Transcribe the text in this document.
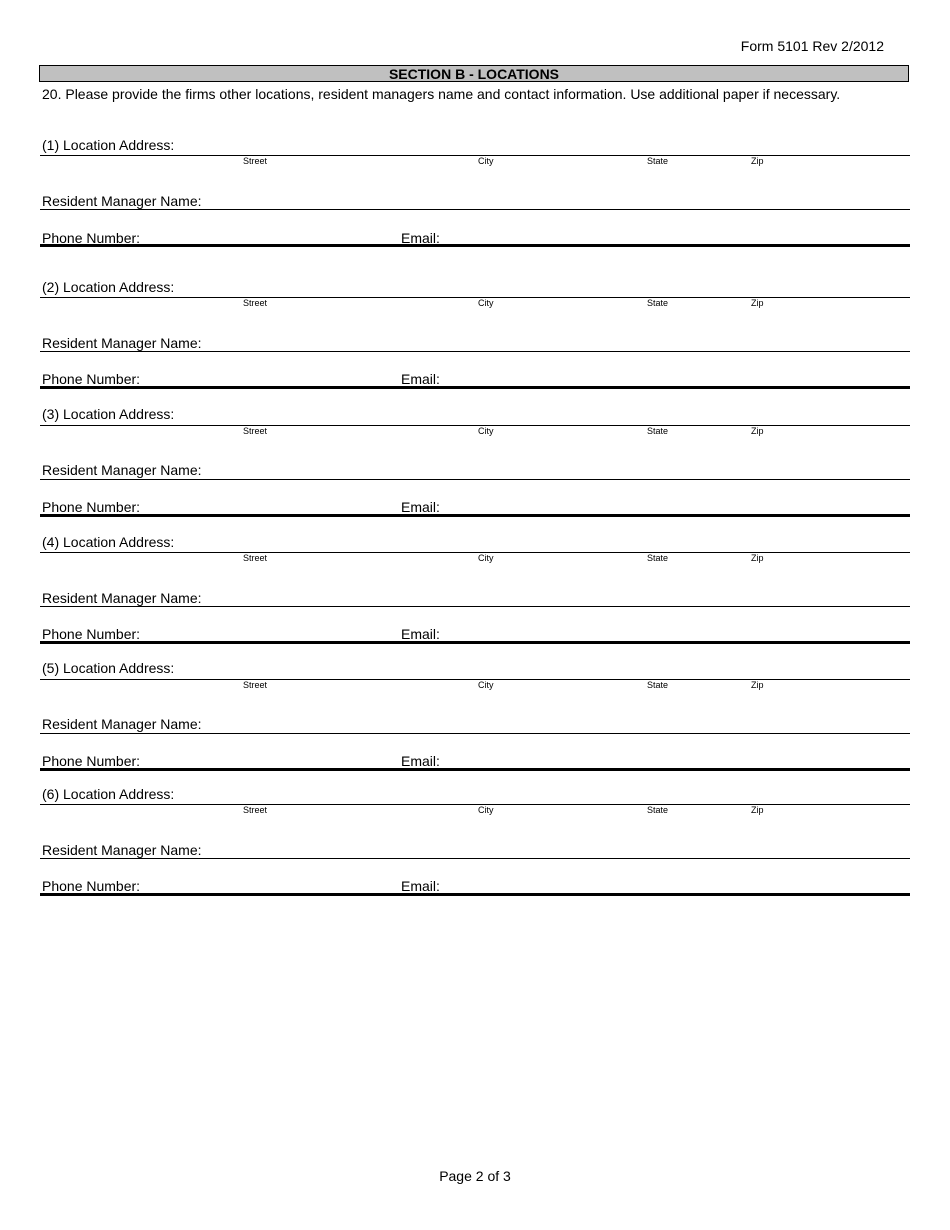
Form 5101 Rev 2/2012
SECTION B - LOCATIONS
20. Please provide the firms other locations, resident managers name and contact information. Use additional paper if necessary.
(1) Location Address:
Street	City	State	Zip
Resident Manager Name:
Phone Number:	Email:
(2) Location Address:
Street	City	State	Zip
Resident Manager Name:
Phone Number:	Email:
(3) Location Address:
Street	City	State	Zip
Resident Manager Name:
Phone Number:	Email:
(4) Location Address:
Street	City	State	Zip
Resident Manager Name:
Phone Number:	Email:
(5) Location Address:
Street	City	State	Zip
Resident Manager Name:
Phone Number:	Email:
(6) Location Address:
Street	City	State	Zip
Resident Manager Name:
Phone Number:	Email:
Page 2 of 3
